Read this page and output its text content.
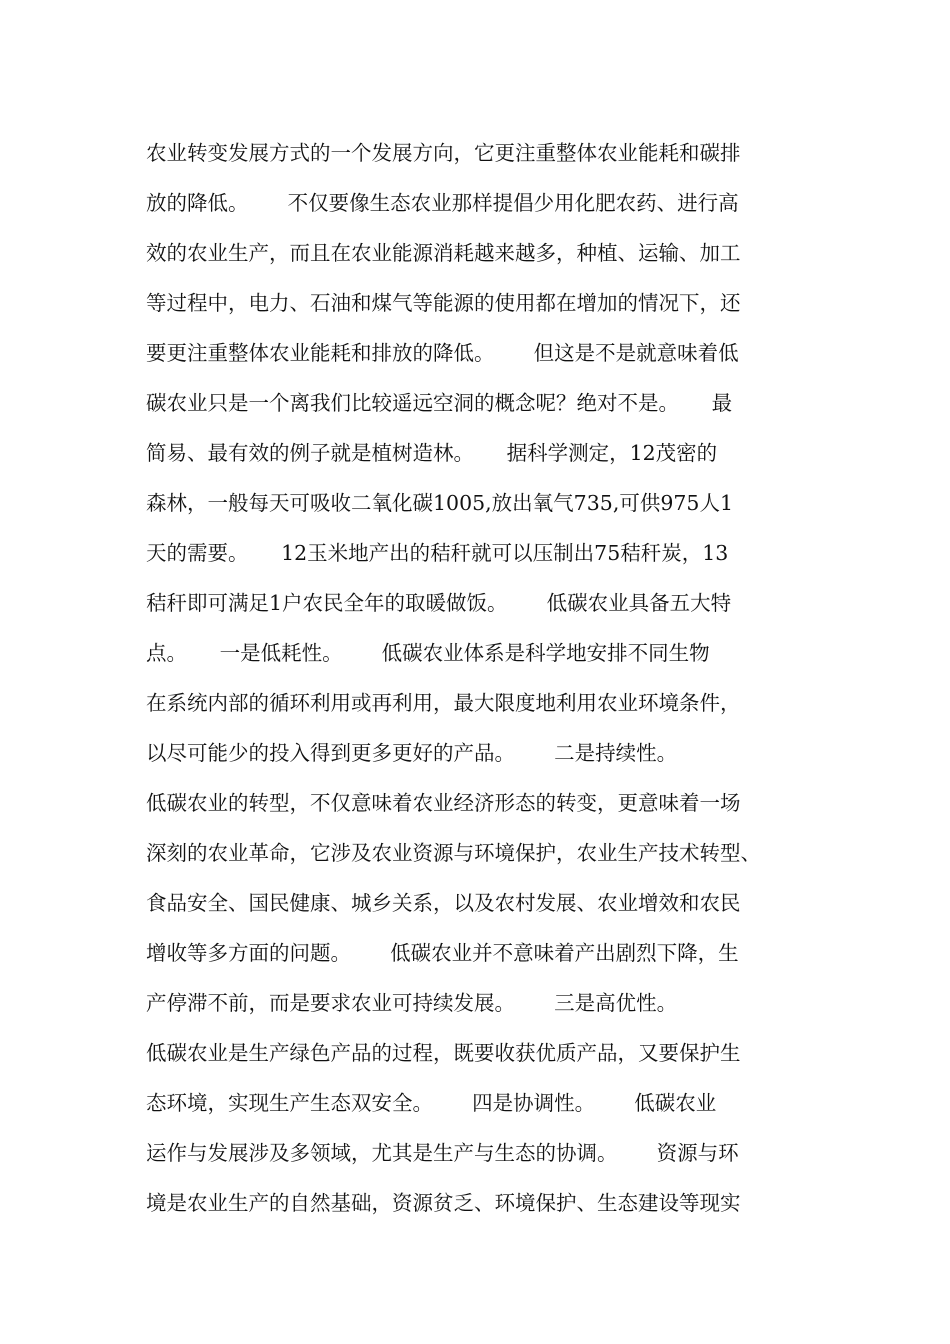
农业转变发展方式的一个发展方向，它更注重整体农业能耗和碳排
放的降低。      不仅要像生态农业那样提倡少用化肥农药、进行高
效的农业生产，而且在农业能源消耗越来越多，种植、运输、加工
等过程中，电力、石油和煤气等能源的使用都在增加的情况下，还
要更注重整体农业能耗和排放的降低。      但这是不是就意味着低
碳农业只是一个离我们比较遥远空洞的概念呢？绝对不是。     最
简易、最有效的例子就是植树造林。     据科学测定，12茂密的
森林，一般每天可吸收二氧化碳1005,放出氧气735,可供975人1
天的需要。     12玉米地产出的秸秆就可以压制出75秸秆炭，13
秸秆即可满足1户农民全年的取暖做饭。      低碳农业具备五大特
点。     一是低耗性。      低碳农业体系是科学地安排不同生物
在系统内部的循环利用或再利用，最大限度地利用农业环境条件，
以尽可能少的投入得到更多更好的产品。      二是持续性。
低碳农业的转型，不仅意味着农业经济形态的转变，更意味着一场
深刻的农业革命，它涉及农业资源与环境保护，农业生产技术转型、
食品安全、国民健康、城乡关系，以及农村发展、农业增效和农民
增收等多方面的问题。      低碳农业并不意味着产出剧烈下降，生
产停滞不前，而是要求农业可持续发展。      三是高优性。
低碳农业是生产绿色产品的过程，既要收获优质产品，又要保护生
态环境，实现生产生态双安全。      四是协调性。      低碳农业
运作与发展涉及多领域，尤其是生产与生态的协调。      资源与环
境是农业生产的自然基础，资源贫乏、环境保护、生态建设等现实
